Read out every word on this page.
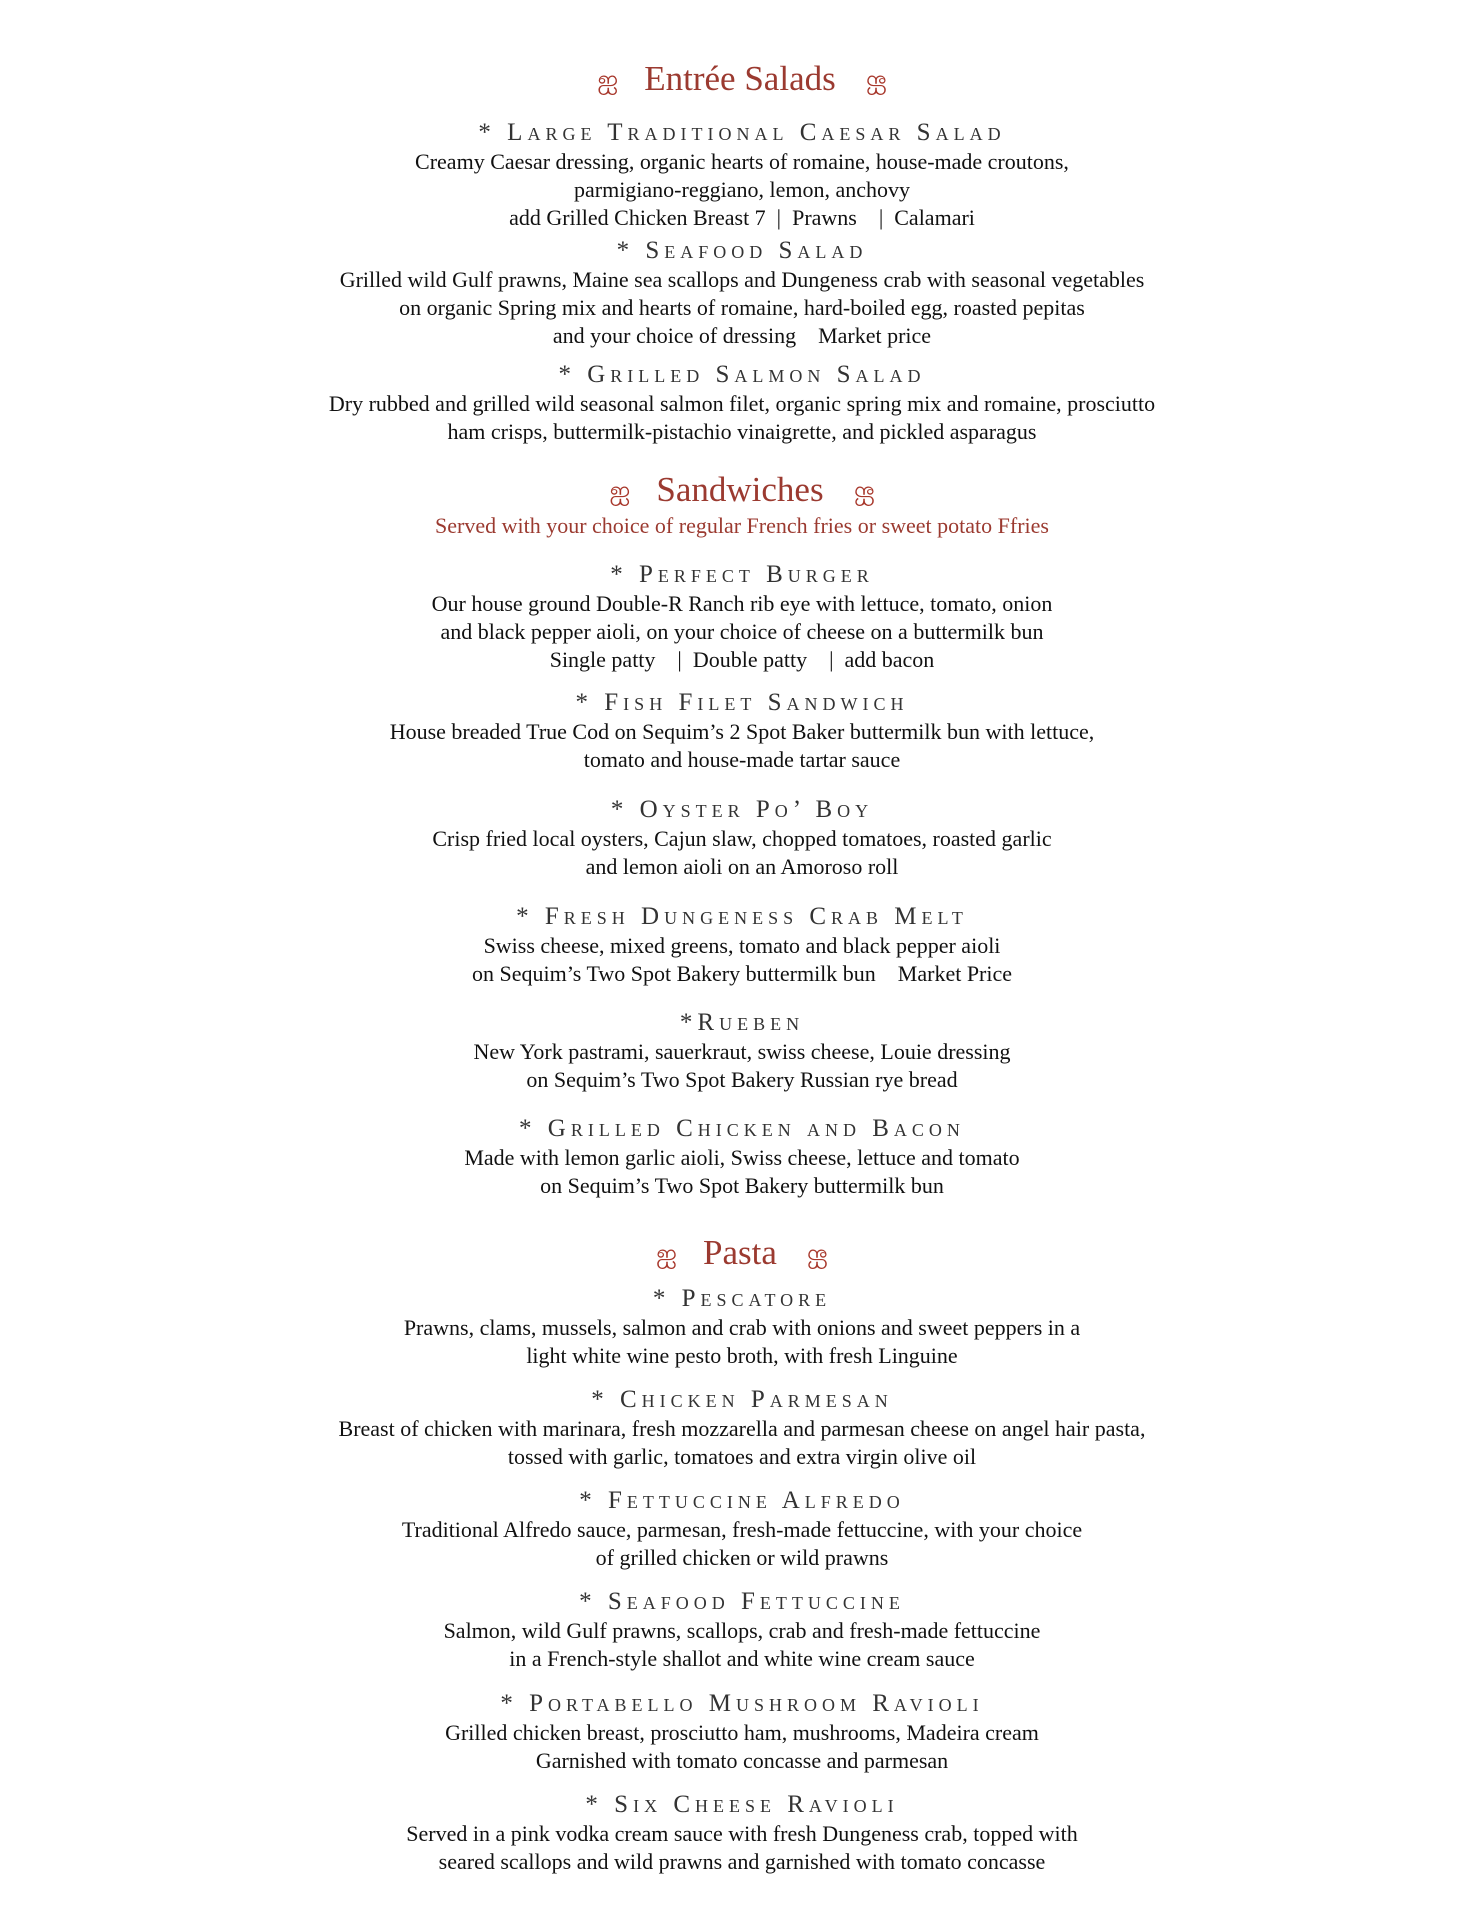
ஐ Entrée Salads ஐ
* Large Traditional Caesar Salad
Creamy Caesar dressing, organic hearts of romaine, house-made croutons,
parmigiano-reggiano, lemon, anchovy
add Grilled Chicken Breast 7  |  Prawns    |  Calamari
* Seafood Salad
Grilled wild Gulf prawns, Maine sea scallops and Dungeness crab with seasonal vegetables
on organic Spring mix and hearts of romaine, hard-boiled egg, roasted pepitas
and your choice of dressing    Market price
* Grilled Salmon Salad
Dry rubbed and grilled wild seasonal salmon filet, organic spring mix and romaine, prosciutto
ham crisps, buttermilk-pistachio vinaigrette, and pickled asparagus
ஐ Sandwiches ஐ
Served with your choice of regular French fries or sweet potato Ffries
* Perfect Burger
Our house ground Double-R Ranch rib eye with lettuce, tomato, onion
and black pepper aioli, on your choice of cheese on a buttermilk bun
Single patty    |  Double patty    |  add bacon
* Fish Filet Sandwich
House breaded True Cod on Sequim’s 2 Spot Baker buttermilk bun with lettuce,
tomato and house-made tartar sauce
* Oyster Po’ Boy
Crisp fried local oysters, Cajun slaw, chopped tomatoes, roasted garlic
and lemon aioli on an Amoroso roll
* Fresh Dungeness Crab Melt
Swiss cheese, mixed greens, tomato and black pepper aioli
on Sequim’s Two Spot Bakery buttermilk bun    Market Price
*Rueben
New York pastrami, sauerkraut, swiss cheese, Louie dressing
on Sequim’s Two Spot Bakery Russian rye bread
* Grilled Chicken and Bacon
Made with lemon garlic aioli, Swiss cheese, lettuce and tomato
on Sequim’s Two Spot Bakery buttermilk bun
ஐ Pasta ஐ
* Pescatore
Prawns, clams, mussels, salmon and crab with onions and sweet peppers in a
light white wine pesto broth, with fresh Linguine
* Chicken Parmesan
Breast of chicken with marinara, fresh mozzarella and parmesan cheese on angel hair pasta,
tossed with garlic, tomatoes and extra virgin olive oil
* Fettuccine Alfredo
Traditional Alfredo sauce, parmesan, fresh-made fettuccine, with your choice
of grilled chicken or wild prawns
* Seafood Fettuccine
Salmon, wild Gulf prawns, scallops, crab and fresh-made fettuccine
in a French-style shallot and white wine cream sauce
* Portabello Mushroom Ravioli
Grilled chicken breast, prosciutto ham, mushrooms, Madeira cream
Garnished with tomato concasse and parmesan
* Six Cheese Ravioli
Served in a pink vodka cream sauce with fresh Dungeness crab, topped with
seared scallops and wild prawns and garnished with tomato concasse
